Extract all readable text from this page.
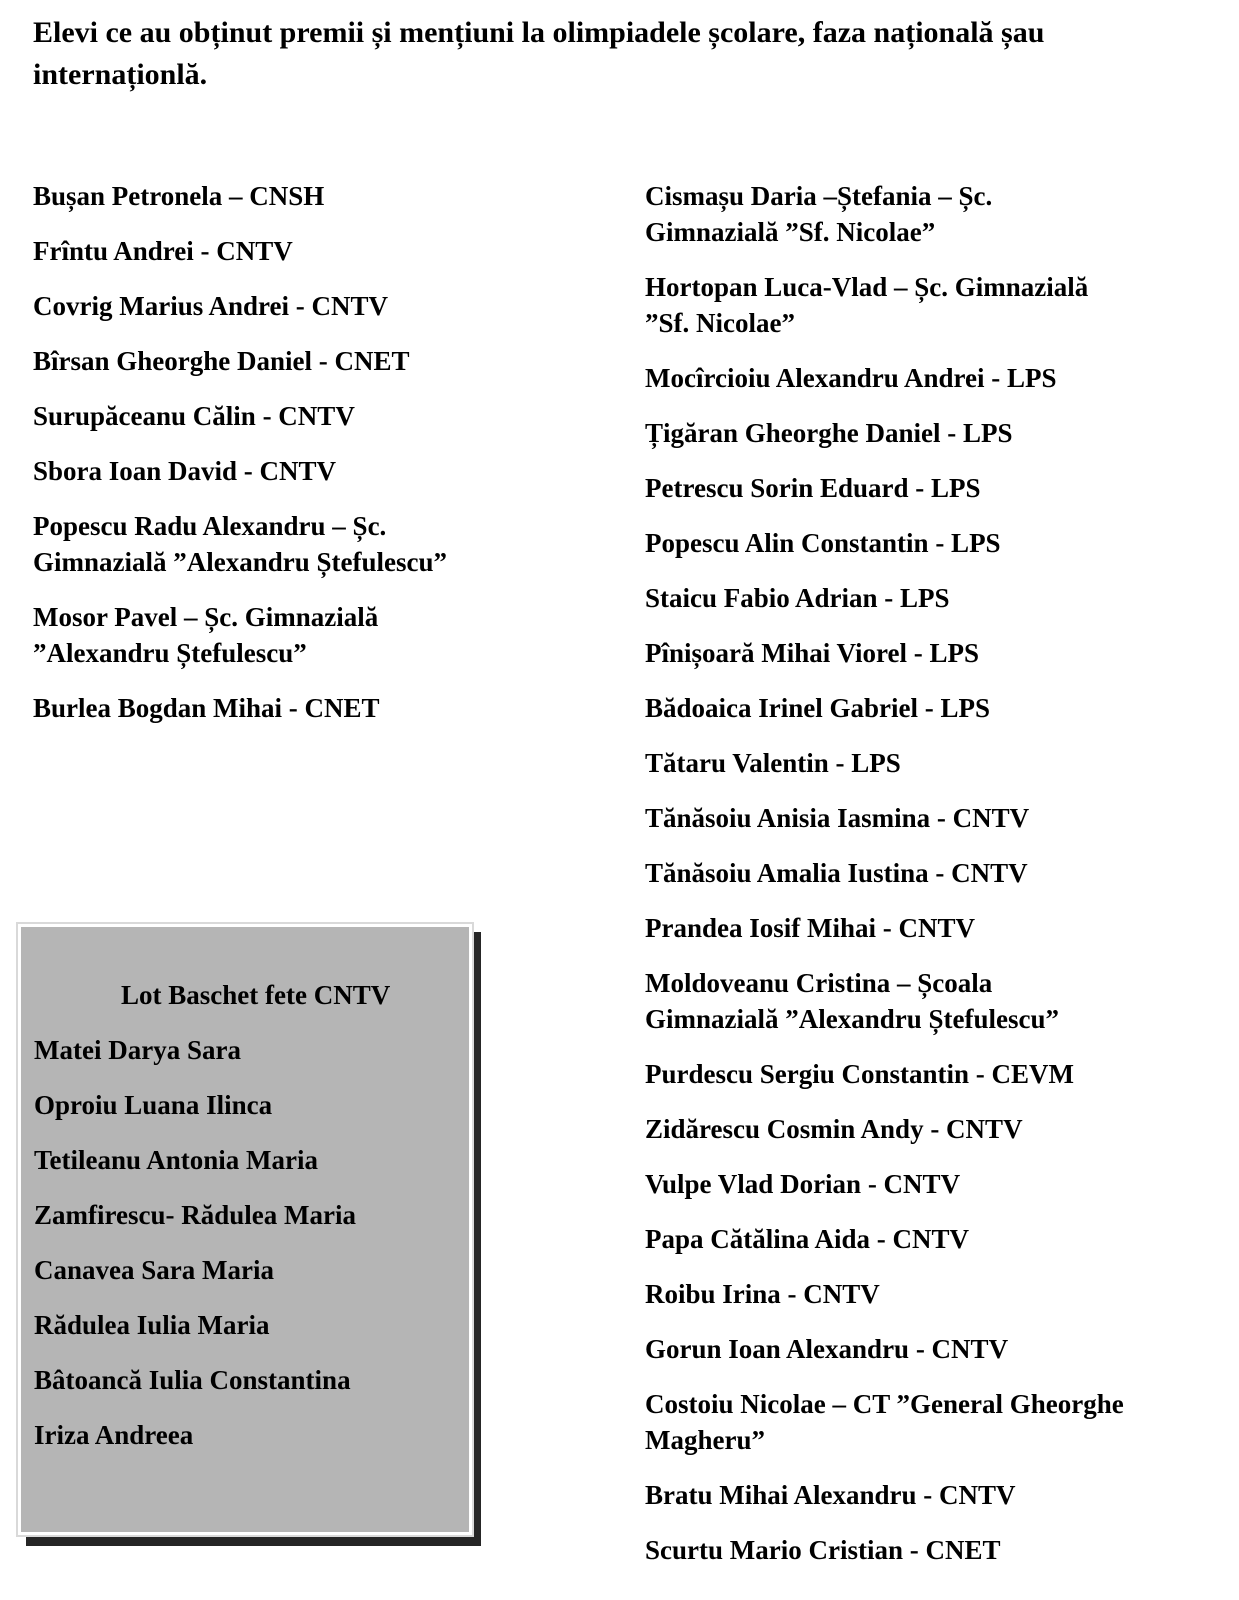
Elevi ce au obținut premii și mențiuni la olimpiadele școlare, faza națională șau internaționlă.
Bușan Petronela – CNSH
Frîntu Andrei - CNTV
Covrig Marius Andrei - CNTV
Bîrsan Gheorghe Daniel - CNET
Surupăceanu Călin - CNTV
Sbora Ioan David - CNTV
Popescu Radu Alexandru – Șc. Gimnazială ”Alexandru Ștefulescu”
Mosor Pavel – Șc. Gimnazială ”Alexandru Ștefulescu”
Burlea Bogdan Mihai - CNET
Cismașu Daria –Ștefania – Șc. Gimnazială ”Sf. Nicolae”
Hortopan Luca-Vlad – Șc. Gimnazială ”Sf. Nicolae”
Mocîrcioiu Alexandru Andrei - LPS
Țigăran Gheorghe Daniel - LPS
Petrescu Sorin Eduard - LPS
Popescu Alin Constantin - LPS
Staicu Fabio Adrian - LPS
Pînișoară Mihai Viorel - LPS
Bădoaica Irinel Gabriel - LPS
Tătaru Valentin - LPS
Tănăsoiu Anisia Iasmina - CNTV
Tănăsoiu Amalia Iustina - CNTV
Prandea Iosif Mihai - CNTV
Moldoveanu Cristina – Școala Gimnazială ”Alexandru Ștefulescu”
Purdescu Sergiu Constantin - CEVM
Zidărescu Cosmin Andy - CNTV
Vulpe Vlad Dorian - CNTV
Papa Cătălina Aida - CNTV
Roibu Irina - CNTV
Gorun Ioan Alexandru - CNTV
Costoiu Nicolae – CT ”General Gheorghe Magheru”
Bratu Mihai Alexandru - CNTV
Scurtu Mario Cristian - CNET

Lot Baschet fete CNTV

Matei Darya Sara
Oproiu Luana Ilinca
Tetileanu Antonia Maria
Zamfirescu- Rădulea Maria
Canavea Sara Maria
Rădulea Iulia Maria
Bâtoancă Iulia Constantina
Iriza Andreea
